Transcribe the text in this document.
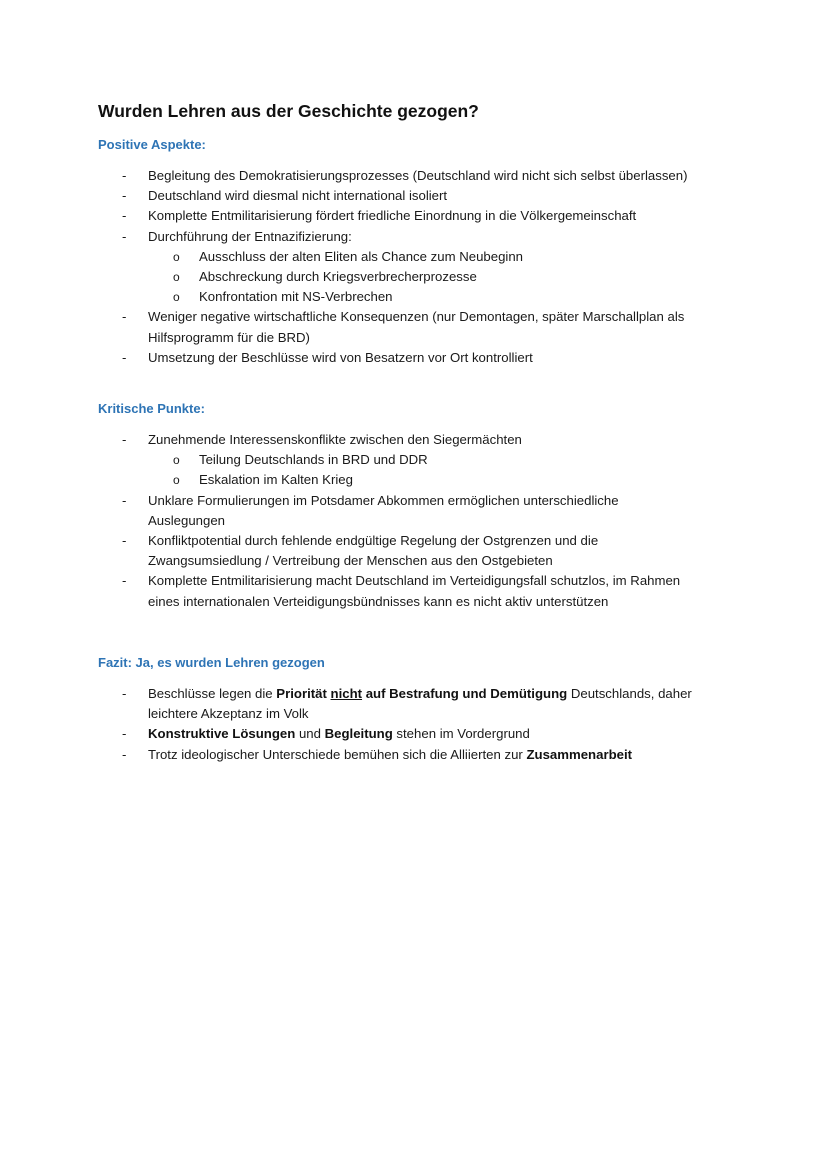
Wurden Lehren aus der Geschichte gezogen?

Positive Aspekte:

- Begleitung des Demokratisierungsprozesses (Deutschland wird nicht sich selbst überlassen)
- Deutschland wird diesmal nicht international isoliert
- Komplette Entmilitarisierung fördert friedliche Einordnung in die Völkergemeinschaft
- Durchführung der Entnazifizierung:
o Ausschluss der alten Eliten als Chance zum Neubeginn
o Abschreckung durch Kriegsverbrecherprozesse
o Konfrontation mit NS-Verbrechen
- Weniger negative wirtschaftliche Konsequenzen (nur Demontagen, später Marschallplan als
Hilfsprogramm für die BRD)
- Umsetzung der Beschlüsse wird von Besatzern vor Ort kontrolliert

Kritische Punkte:

- Zunehmende Interessenskonflikte zwischen den Siegermächten
o Teilung Deutschlands in BRD und DDR
o Eskalation im Kalten Krieg
- Unklare Formulierungen im Potsdamer Abkommen ermöglichen unterschiedliche
Auslegungen
- Konfliktpotential durch fehlende endgültige Regelung der Ostgrenzen und die
Zwangsumsiedlung / Vertreibung der Menschen aus den Ostgebieten
- Komplette Entmilitarisierung macht Deutschland im Verteidigungsfall schutzlos, im Rahmen
eines internationalen Verteidigungsbündnisses kann es nicht aktiv unterstützen

Fazit: Ja, es wurden Lehren gezogen

- Beschlüsse legen die Priorität nicht auf Bestrafung und Demütigung Deutschlands, daher
leichtere Akzeptanz im Volk
- Konstruktive Lösungen und Begleitung stehen im Vordergrund
- Trotz ideologischer Unterschiede bemühen sich die Alliierten zur Zusammenarbeit
